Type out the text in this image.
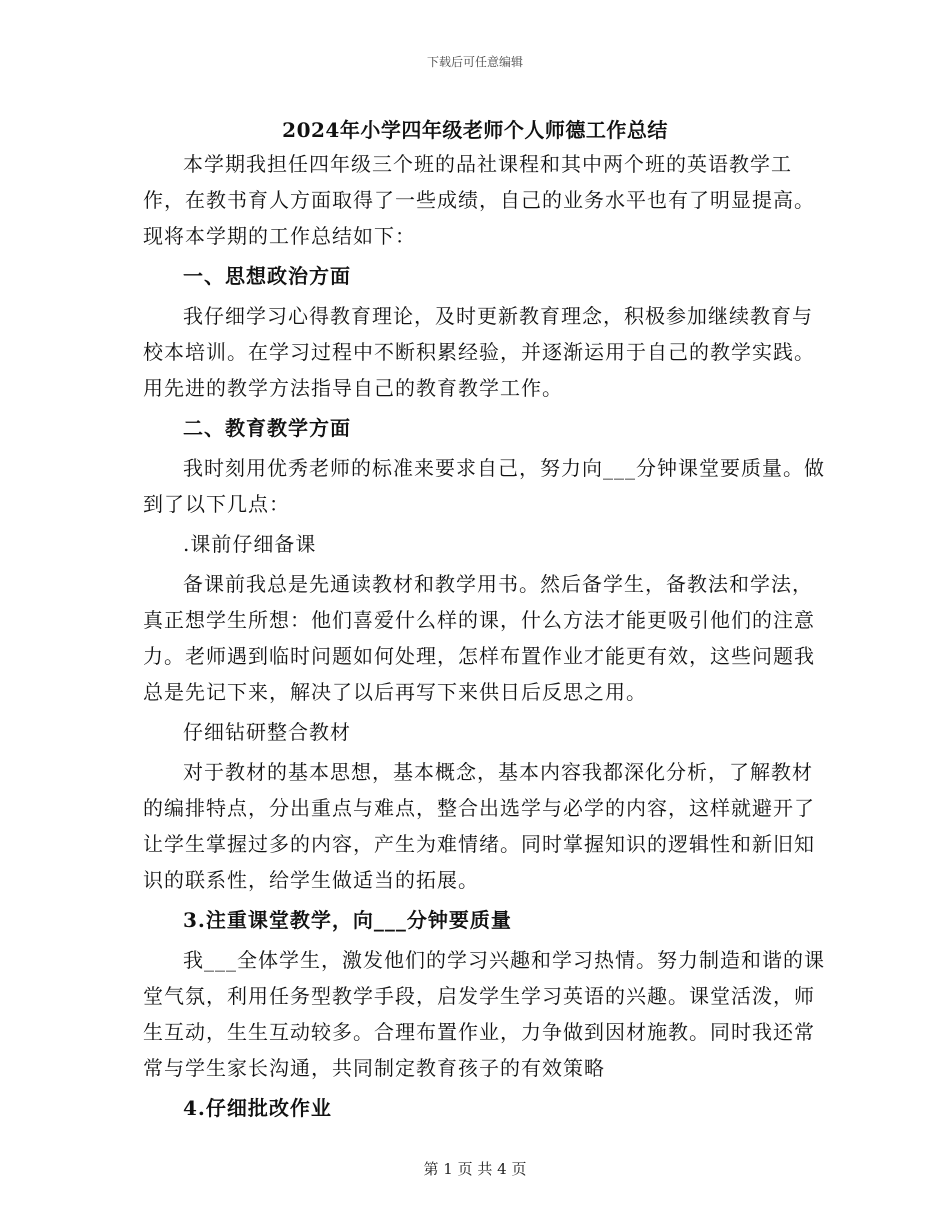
下载后可任意编辑
2024年小学四年级老师个人师德工作总结

本学期我担任四年级三个班的品社课程和其中两个班的英语教学工作，在教书育人方面取得了一些成绩，自己的业务水平也有了明显提高。现将本学期的工作总结如下：

一、思想政治方面

我仔细学习心得教育理论，及时更新教育理念，积极参加继续教育与校本培训。在学习过程中不断积累经验，并逐渐运用于自己的教学实践。用先进的教学方法指导自己的教育教学工作。

二、教育教学方面

我时刻用优秀老师的标准来要求自己，努力向___分钟课堂要质量。做到了以下几点：

.课前仔细备课

备课前我总是先通读教材和教学用书。然后备学生，备教法和学法，真正想学生所想：他们喜爱什么样的课，什么方法才能更吸引他们的注意力。老师遇到临时问题如何处理，怎样布置作业才能更有效，这些问题我总是先记下来，解决了以后再写下来供日后反思之用。

仔细钻研整合教材

对于教材的基本思想，基本概念，基本内容我都深化分析，了解教材的编排特点，分出重点与难点，整合出选学与必学的内容，这样就避开了让学生掌握过多的内容，产生为难情绪。同时掌握知识的逻辑性和新旧知识的联系性，给学生做适当的拓展。

3.注重课堂教学，向___分钟要质量

我___全体学生，激发他们的学习兴趣和学习热情。努力制造和谐的课堂气氛，利用任务型教学手段，启发学生学习英语的兴趣。课堂活泼，师生互动，生生互动较多。合理布置作业，力争做到因材施教。同时我还常常与学生家长沟通，共同制定教育孩子的有效策略

4.仔细批改作业

第 1 页 共 4 页
